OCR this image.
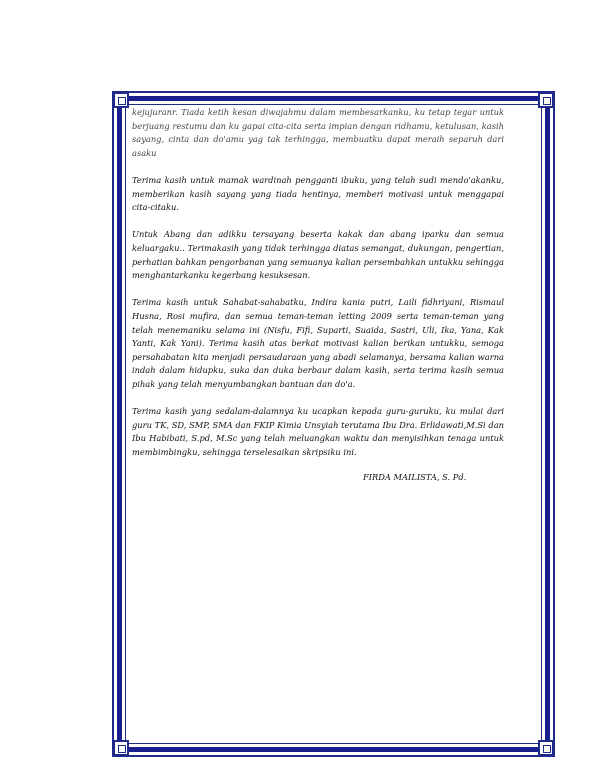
kejujuranr. Tiada ketih kesan diwajahmu dalam membesarkanku, ku tetap tegar untuk berjuang restumu dan ku gapai cita-cita serta impian dengan ridhamu, ketulusan, kasih sayang, cinta dan do'amu yag tak terhingga, membuatku dapat meraih separuh dari asaku

Terima kasih untuk mamak wardinah pengganti ibuku, yang telah sudi mendo'akanku, memberikan kasih sayang yang tiada hentinya, memberi motivasi untuk menggapai cita-citaku.

Untuk Abang dan adikku tersayang beserta kakak dan abang iparku dan semua keluargaku.. Terimakasih yang tidak terhingga diatas semangat, dukungan, pengertian, perhatian bahkan pengorbanan yang semuanya kalian persembahkan untukku sehingga menghantarkanku kegerbang kesuksesan.

Terima kasih untuk Sahabat-sahabatku, Indira kania putri, Laili fidhriyani, Rismaul Husna, Rosi mufira, dan semua teman-teman letting 2009 serta teman-teman yang telah menemaniku selama ini (Nisfu, Fifi, Suparti, Suaida, Sastri, Uli, Ika, Yana, Kak Yanti, Kak Yani). Terima kasih atas berkat motivasi kalian berikan untukku, semoga persahabatan kita menjadi persaudaraan yang abadi selamanya, bersama kalian warna indah dalam hidupku, suka dan duka berbaur dalam kasih, serta terima kasih semua pihak yang telah menyumbangkan bantuan dan do'a.

Terima kasih yang sedalam-dalamnya ku ucapkan kepada guru-guruku, ku mulai dari guru TK, SD, SMP, SMA dan FKIP Kimia Unsyiah terutama Ibu Dra. Erlidawati,M.Si dan Ibu Habibati, S.pd, M.Sc yang telah meluangkan waktu dan menyisihkan tenaga untuk membimbingku, sehingga terselesaikan skripsiku ini.

FIRDA MAILISTA, S. Pd.
